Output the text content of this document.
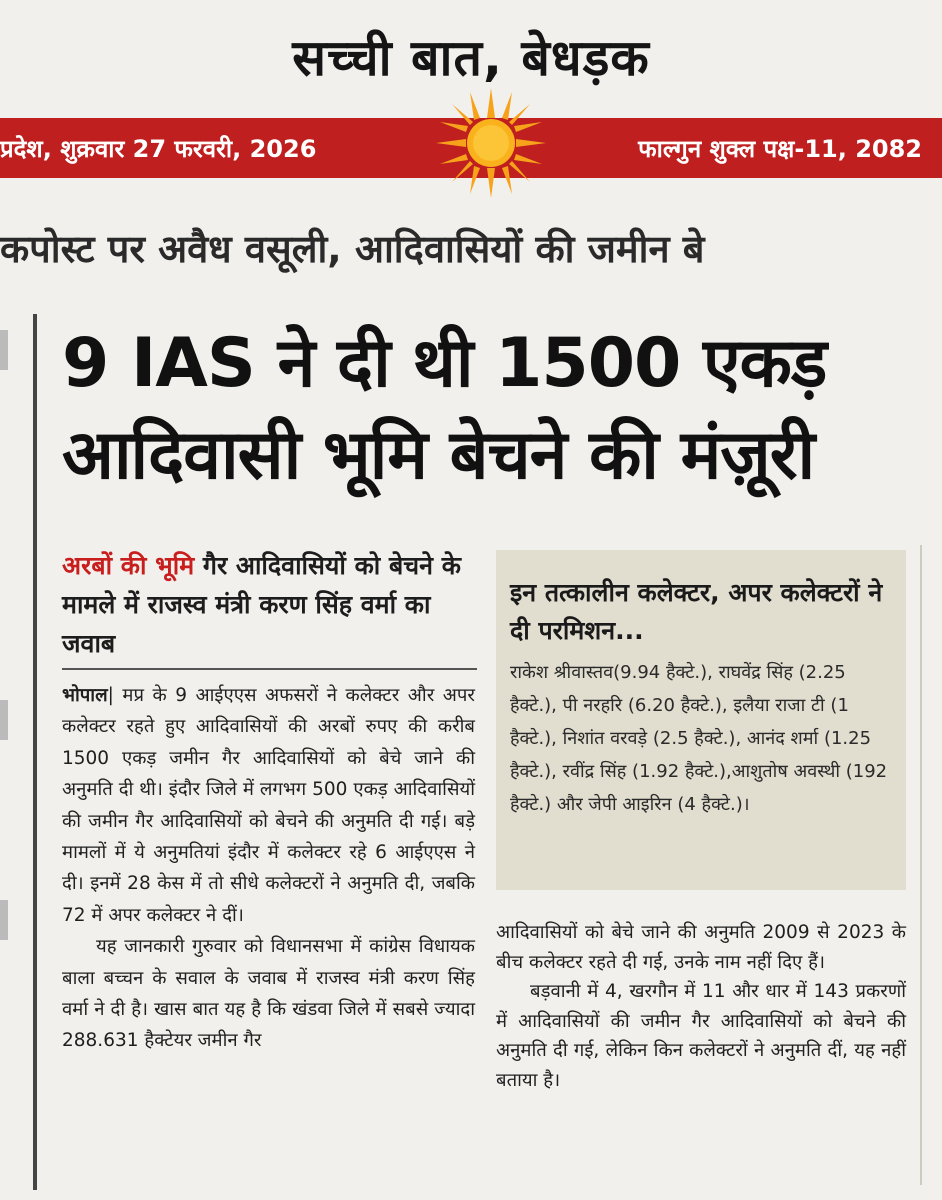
सच्ची बात, बेधड़क
प्रदेश, शुक्रवार 27 फरवरी, 2026	फाल्गुन शुक्ल पक्ष-11, 2082
कपोस्ट पर अवैध वसूली, आदिवासियों की जमीन बे
9 IAS ने दी थी 1500 एकड़
आदिवासी भूमि बेचने की मंज़ूरी
अरबों की भूमि गैर आदिवासियों को बेचने के मामले में राजस्व मंत्री करण सिंह वर्मा का जवाब

भोपाल| मप्र के 9 आईएएस अफसरों ने कलेक्टर और अपर कलेक्टर रहते हुए आदिवासियों की अरबों रुपए की करीब 1500 एकड़ जमीन गैर आदिवासियों को बेचे जाने की अनुमति दी थी। इंदौर जिले में लगभग 500 एकड़ आदिवासियों की जमीन गैर आदिवासियों को बेचने की अनुमति दी गई। बड़े मामलों में ये अनुमतियां इंदौर में कलेक्टर रहे 6 आईएएस ने दी। इनमें 28 केस में तो सीधे कलेक्टरों ने अनुमति दी, जबकि 72 में अपर कलेक्टर ने दीं।

यह जानकारी गुरुवार को विधानसभा में कांग्रेस विधायक बाला बच्चन के सवाल के जवाब में राजस्व मंत्री करण सिंह वर्मा ने दी है। खास बात यह है कि खंडवा जिले में सबसे ज्यादा 288.631 हैक्टेयर जमीन गैर

इन तत्कालीन कलेक्टर, अपर कलेक्टरों ने दी परमिशन...
राकेश श्रीवास्तव(9.94 हैक्टे.), राघवेंद्र सिंह (2.25 हैक्टे.), पी नरहरि (6.20 हैक्टे.), इलैया राजा टी (1 हैक्टे.), निशांत वरवड़े (2.5 हैक्टे.), आनंद शर्मा (1.25 हैक्टे.), रवींद्र सिंह (1.92 हैक्टे.),आशुतोष अवस्थी (192 हैक्टे.) और जेपी आइरिन (4 हैक्टे.)।

आदिवासियों को बेचे जाने की अनुमति 2009 से 2023 के बीच कलेक्टर रहते दी गई, उनके नाम नहीं दिए हैं।

बड़वानी में 4, खरगौन में 11 और धार में 143 प्रकरणों में आदिवासियों की जमीन गैर आदिवासियों को बेचने की अनुमति दी गई, लेकिन किन कलेक्टरों ने अनुमति दीं, यह नहीं बताया है।
